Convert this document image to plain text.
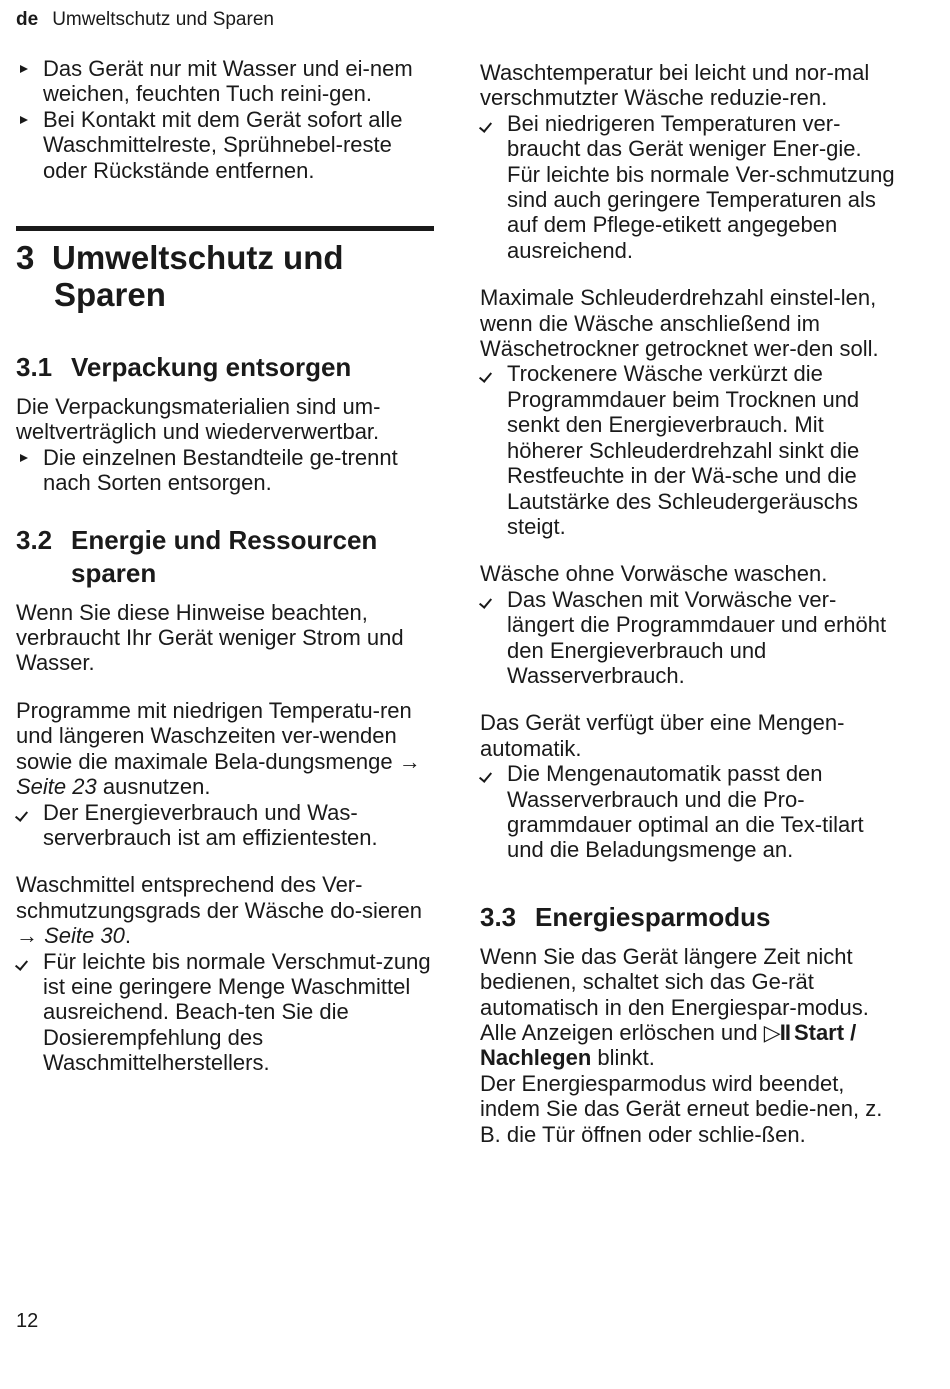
de Umweltschutz und Sparen
Das Gerät nur mit Wasser und ei-nem weichen, feuchten Tuch reini-gen.
Bei Kontakt mit dem Gerät sofort alle Waschmittelreste, Sprühnebel-reste oder Rückstände entfernen.
3 Umweltschutz und
Sparen
3.1 Verpackung entsorgen

Die Verpackungsmaterialien sind um-weltverträglich und wiederverwertbar.

Die einzelnen Bestandteile ge-trennt nach Sorten entsorgen.
3.2 Energie und Ressourcen
sparen

Wenn Sie diese Hinweise beachten, verbraucht Ihr Gerät weniger Strom und Wasser.

Programme mit niedrigen Temperatu-ren und längeren Waschzeiten ver-wenden sowie die maximale Bela-dungsmenge → Seite 23 ausnutzen.

Der Energieverbrauch und Was-serverbrauch ist am effizientesten.

Waschmittel entsprechend des Ver-schmutzungsgrads der Wäsche do-sieren → Seite 30.

Für leichte bis normale Verschmut-zung ist eine geringere Menge Waschmittel ausreichend. Beach-ten Sie die Dosierempfehlung des Waschmittelherstellers.

Waschtemperatur bei leicht und nor-mal verschmutzter Wäsche reduzie-ren.

Bei niedrigeren Temperaturen ver-braucht das Gerät weniger Ener-gie. Für leichte bis normale Ver-schmutzung sind auch geringere Temperaturen als auf dem Pflege-etikett angegeben ausreichend.

Maximale Schleuderdrehzahl einstel-len, wenn die Wäsche anschließend im Wäschetrockner getrocknet wer-den soll.

Trockenere Wäsche verkürzt die Programmdauer beim Trocknen und senkt den Energieverbrauch. Mit höherer Schleuderdrehzahl sinkt die Restfeuchte in der Wä-sche und die Lautstärke des Schleudergeräuschs steigt.

Wäsche ohne Vorwäsche waschen.

Das Waschen mit Vorwäsche ver-längert die Programmdauer und erhöht den Energieverbrauch und Wasserverbrauch.

Das Gerät verfügt über eine Mengen-automatik.

Die Mengenautomatik passt den Wasserverbrauch und die Pro-grammdauer optimal an die Tex-tilart und die Beladungsmenge an.
3.3 Energiesparmodus

Wenn Sie das Gerät längere Zeit nicht bedienen, schaltet sich das Ge-rät automatisch in den Energiespar-modus. Alle Anzeigen erlöschen und ▷II Start / Nachlegen blinkt.

Der Energiesparmodus wird beendet, indem Sie das Gerät erneut bedie-nen, z. B. die Tür öffnen oder schlie-ßen.

12
